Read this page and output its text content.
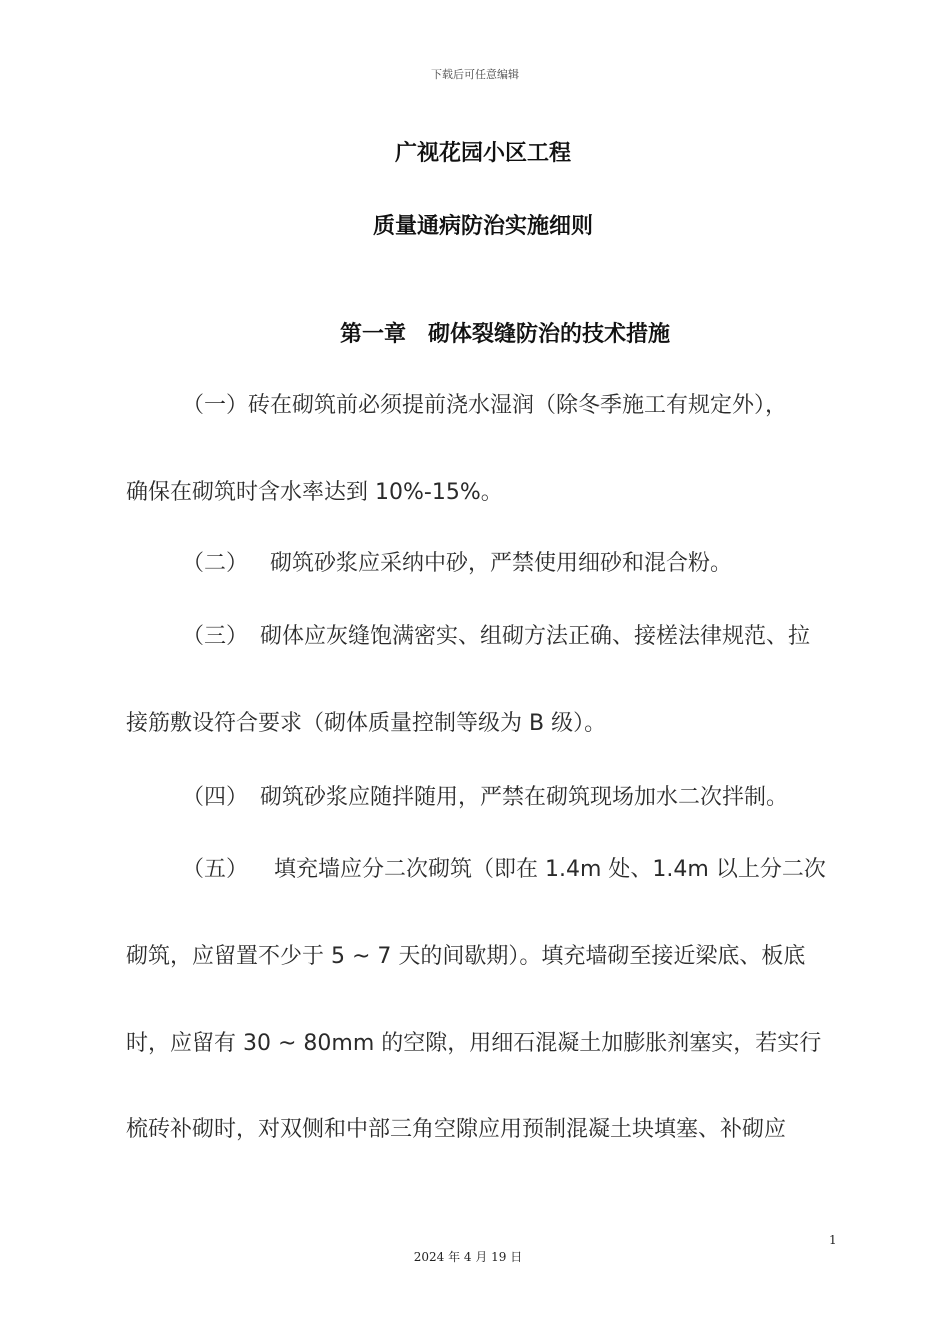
下载后可任意编辑
广视花园小区工程
质量通病防治实施细则
第一章 砌体裂缝防治的技术措施
（一）砖在砌筑前必须提前浇水湿润（除冬季施工有规定外），
确保在砌筑时含水率达到 10%-15%。
（二） 砌筑砂浆应采纳中砂，严禁使用细砂和混合粉。
（三） 砌体应灰缝饱满密实、组砌方法正确、接槎法律规范、拉
接筋敷设符合要求（砌体质量控制等级为 B 级）。
（四） 砌筑砂浆应随拌随用，严禁在砌筑现场加水二次拌制。
（五） 填充墙应分二次砌筑（即在 1.4m 处、1.4m 以上分二次
砌筑，应留置不少于 5 ~ 7 天的间歇期）。填充墙砌至接近梁底、板底
时，应留有 30 ~ 80mm 的空隙，用细石混凝土加膨胀剂塞实，若实行
梳砖补砌时，对双侧和中部三角空隙应用预制混凝土块填塞、补砌应
1
2024 年 4 月 19 日
